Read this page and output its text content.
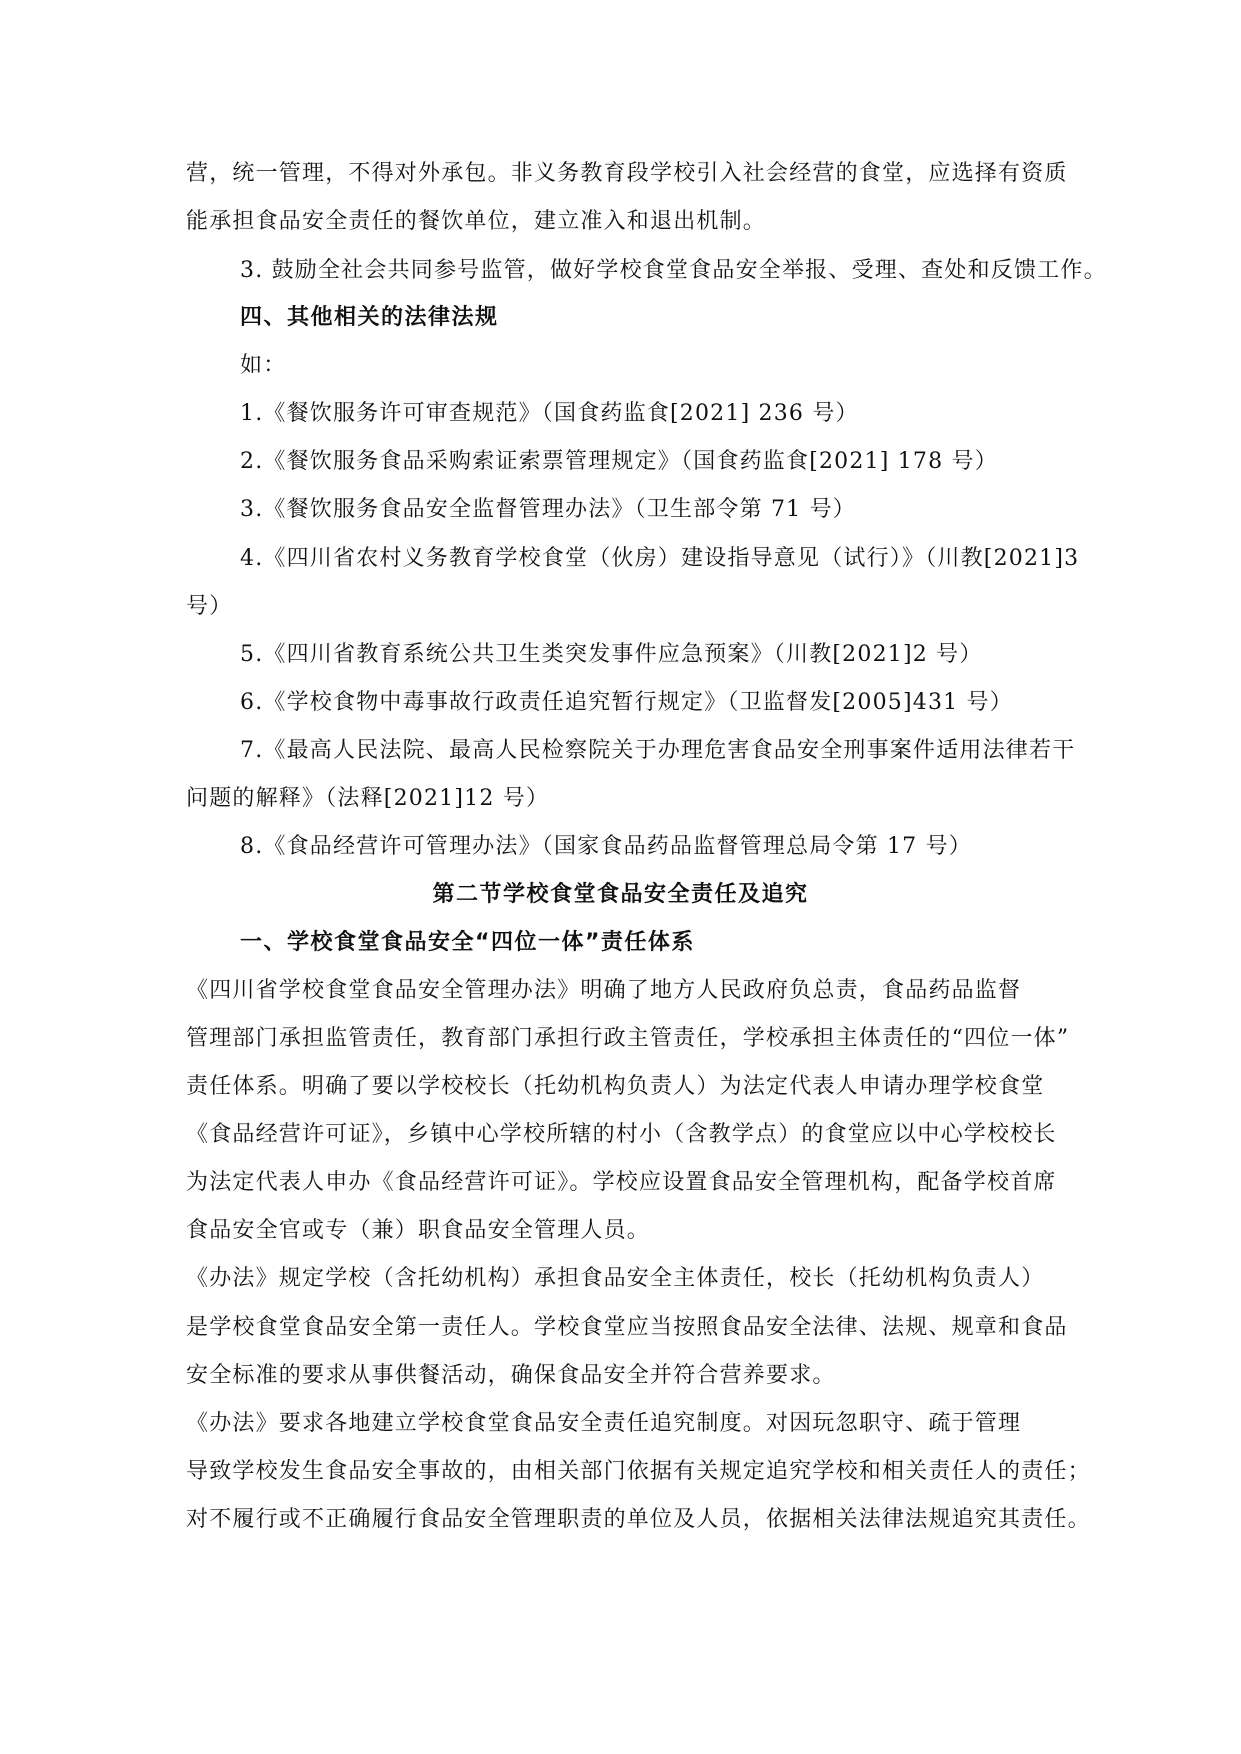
营，统一管理，不得对外承包。非义务教育段学校引入社会经营的食堂，应选择有资质
能承担食品安全责任的餐饮单位，建立准入和退出机制。
3. 鼓励全社会共同参号监管，做好学校食堂食品安全举报、受理、查处和反馈工作。
四、其他相关的法律法规
如：
1.《餐饮服务许可审查规范》（国食药监食[2021] 236 号）
2.《餐饮服务食品采购索证索票管理规定》（国食药监食[2021] 178 号）
3.《餐饮服务食品安全监督管理办法》（卫生部令第 71 号）
4.《四川省农村义务教育学校食堂（伙房）建设指导意见（试行）》（川教[2021]3
号）
5.《四川省教育系统公共卫生类突发事件应急预案》（川教[2021]2 号）
6.《学校食物中毒事故行政责任追究暂行规定》（卫监督发[2005]431 号）
7.《最高人民法院、最高人民检察院关于办理危害食品安全刑事案件适用法律若干
问题的解释》（法释[2021]12 号）
8.《食品经营许可管理办法》（国家食品药品监督管理总局令第 17 号）
第二节学校食堂食品安全责任及追究
一、学校食堂食品安全“四位一体”责任体系
《四川省学校食堂食品安全管理办法》明确了地方人民政府负总责，食品药品监督
管理部门承担监管责任，教育部门承担行政主管责任，学校承担主体责任的“四位一体”
责任体系。明确了要以学校校长（托幼机构负责人）为法定代表人申请办理学校食堂
《食品经营许可证》，乡镇中心学校所辖的村小（含教学点）的食堂应以中心学校校长
为法定代表人申办《食品经营许可证》。学校应设置食品安全管理机构，配备学校首席
食品安全官或专（兼）职食品安全管理人员。
《办法》规定学校（含托幼机构）承担食品安全主体责任，校长（托幼机构负责人）
是学校食堂食品安全第一责任人。学校食堂应当按照食品安全法律、法规、规章和食品
安全标准的要求从事供餐活动，确保食品安全并符合营养要求。
《办法》要求各地建立学校食堂食品安全责任追究制度。对因玩忽职守、疏于管理
导致学校发生食品安全事故的，由相关部门依据有关规定追究学校和相关责任人的责任；
对不履行或不正确履行食品安全管理职责的单位及人员，依据相关法律法规追究其责任。
